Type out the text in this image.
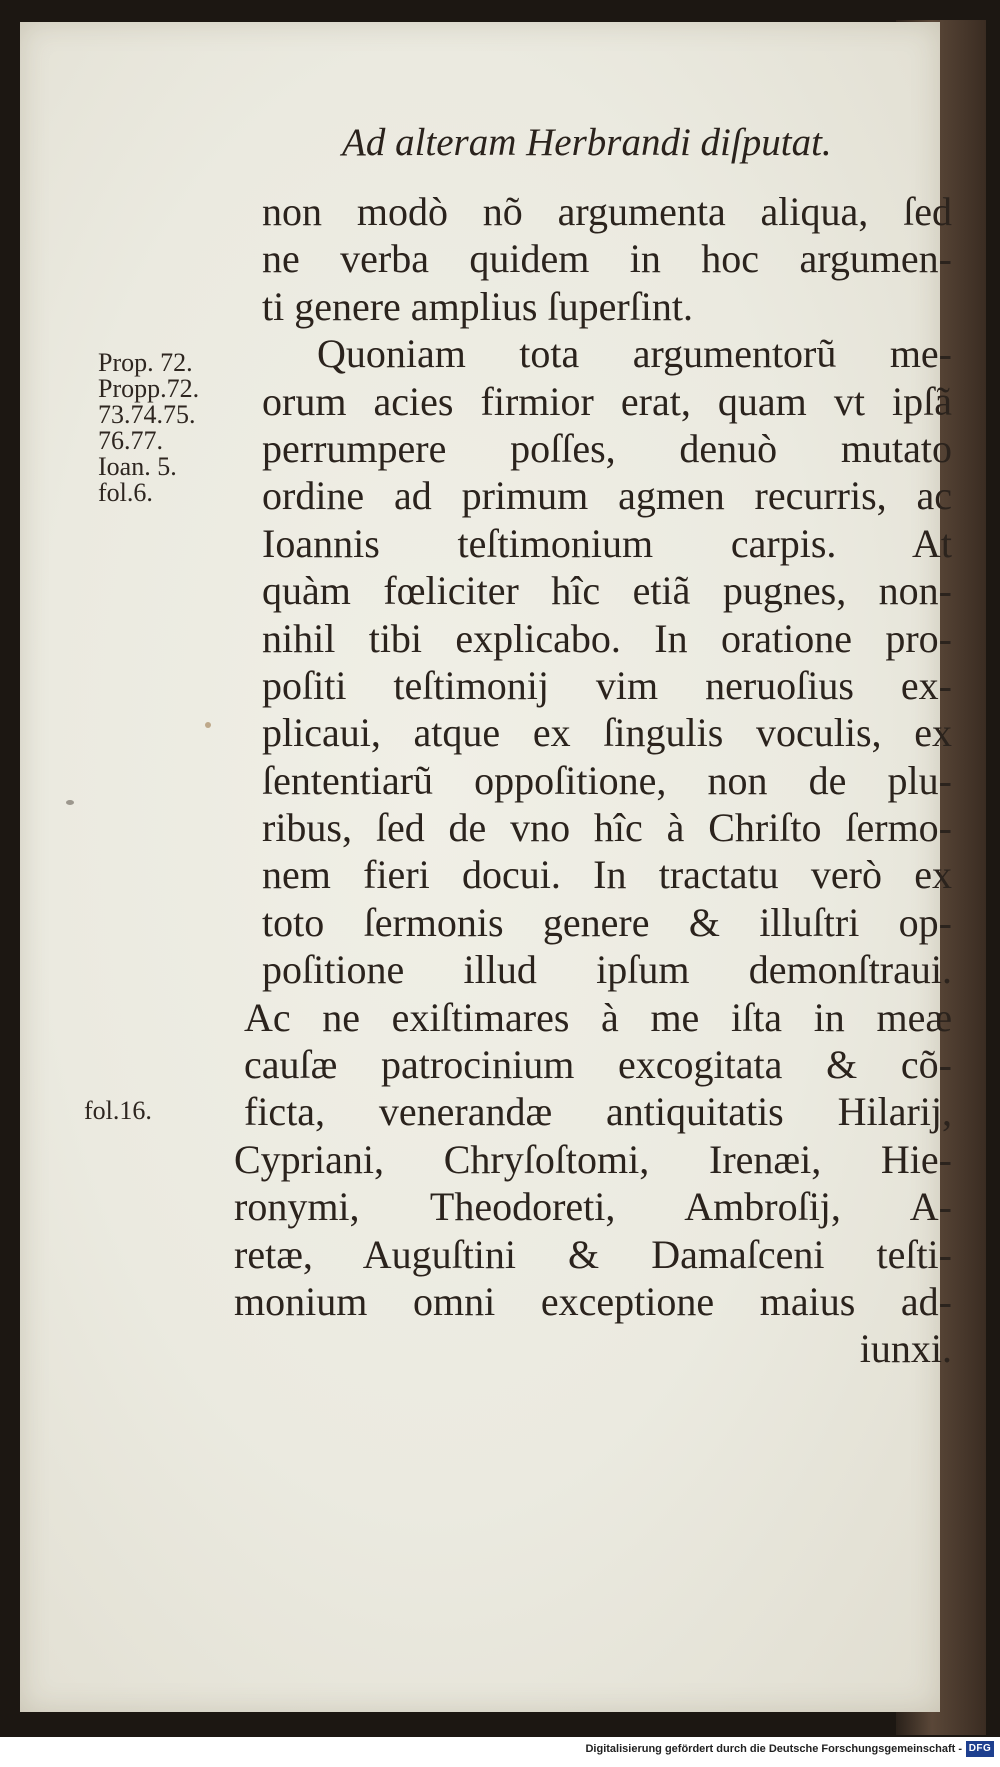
Ad alteram Herbrandi diſputat.
Prop. 72.
Propp.72.
73.74.75.
76.77.
Ioan. 5.
fol.6.
fol.16.
non modò nõ argumenta aliqua, ſed
ne verba quidem in hoc argumen-
ti genere amplius ſuperſint.
Quoniam tota argumentorũ me-
orum acies firmior erat, quam vt ipſã
perrumpere poſſes, denuò mutato
ordine ad primum agmen recurris, ac
Ioannis teſtimonium carpis. At
quàm fœliciter hîc etiã pugnes, non-
nihil tibi explicabo. In oratione pro-
poſiti teſtimonij vim neruoſius ex-
plicaui, atque ex ſingulis voculis, ex
ſententiarũ oppoſitione, non de plu-
ribus, ſed de vno hîc à Chriſto ſermo-
nem fieri docui. In tractatu verò ex
toto ſermonis genere & illuſtri op-
poſitione illud ipſum demonſtraui.
Ac ne exiſtimares à me iſta in meæ
cauſæ patrocinium excogitata & cõ-
ficta, venerandæ antiquitatis Hilarij,
Cypriani, Chryſoſtomi, Irenæi, Hie-
ronymi, Theodoreti, Ambroſij, A-
retæ, Auguſtini & Damaſceni teſti-
monium omni exceptione maius ad-
iunxi.
Digitalisierung gefördert durch die Deutsche Forschungsgemeinschaft - DFG
